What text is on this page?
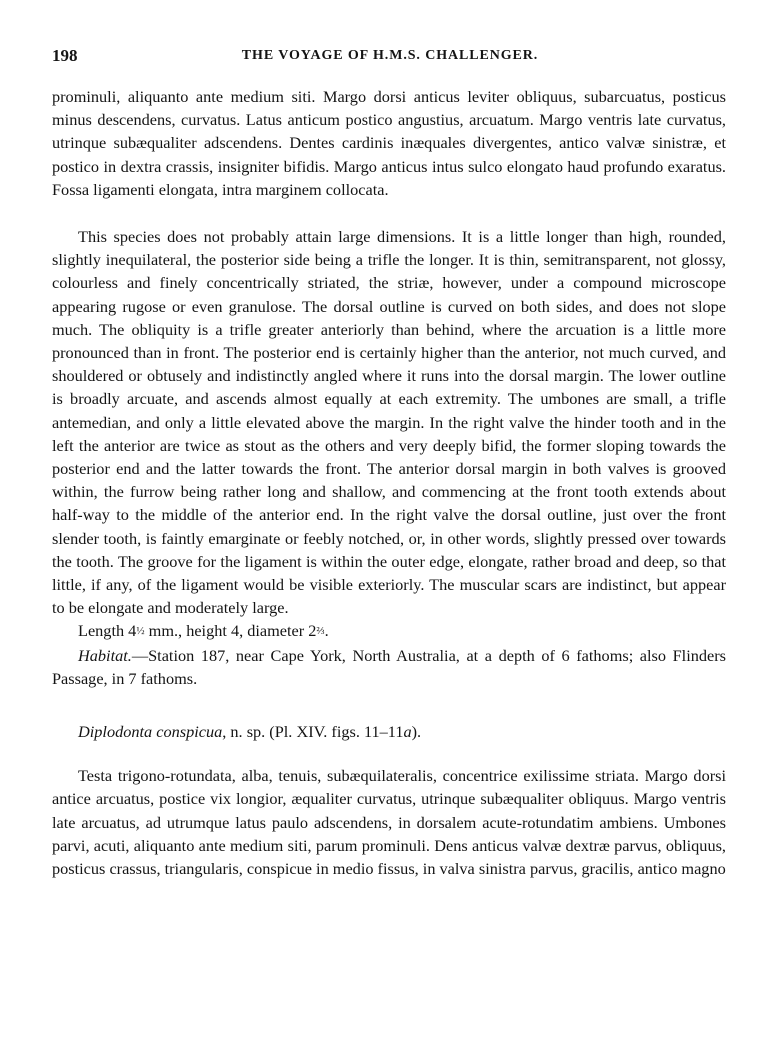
198	THE VOYAGE OF H.M.S. CHALLENGER.

prominuli, aliquanto ante medium siti. Margo dorsi anticus leviter obliquus, subarcuatus, posticus minus descendens, curvatus. Latus anticum postico angustius, arcuatum. Margo ventris late curvatus, utrinque subæqualiter adscendens. Dentes cardinis inæquales divergentes, antico valvæ sinistræ, et postico in dextra crassis, insigniter bifidis. Margo anticus intus sulco elongato haud profundo exaratus. Fossa ligamenti elongata, intra marginem collocata.

This species does not probably attain large dimensions. It is a little longer than high, rounded, slightly inequilateral, the posterior side being a trifle the longer. It is thin, semitransparent, not glossy, colourless and finely concentrically striated, the striæ, however, under a compound microscope appearing rugose or even granulose. The dorsal outline is curved on both sides, and does not slope much. The obliquity is a trifle greater anteriorly than behind, where the arcuation is a little more pronounced than in front. The posterior end is certainly higher than the anterior, not much curved, and shouldered or obtusely and indistinctly angled where it runs into the dorsal margin. The lower outline is broadly arcuate, and ascends almost equally at each extremity. The umbones are small, a trifle antemedian, and only a little elevated above the margin. In the right valve the hinder tooth and in the left the anterior are twice as stout as the others and very deeply bifid, the former sloping towards the posterior end and the latter towards the front. The anterior dorsal margin in both valves is grooved within, the furrow being rather long and shallow, and commencing at the front tooth extends about half-way to the middle of the anterior end. In the right valve the dorsal outline, just over the front slender tooth, is faintly emarginate or feebly notched, or, in other words, slightly pressed over towards the tooth. The groove for the ligament is within the outer edge, elongate, rather broad and deep, so that little, if any, of the ligament would be visible exteriorly. The muscular scars are indistinct, but appear to be elongate and moderately large.

Length 4½ mm., height 4, diameter 2⅔.

Habitat.—Station 187, near Cape York, North Australia, at a depth of 6 fathoms; also Flinders Passage, in 7 fathoms.

Diplodonta conspicua, n. sp. (Pl. XIV. figs. 11–11a).

Testa trigono-rotundata, alba, tenuis, subæquilateralis, concentrice exilissime striata. Margo dorsi antice arcuatus, postice vix longior, æqualiter curvatus, utrinque subæqualiter obliquus. Margo ventris late arcuatus, ad utrumque latus paulo adscendens, in dorsalem acute-rotundatim ambiens. Umbones parvi, acuti, aliquanto ante medium siti, parum prominuli. Dens anticus valvæ dextræ parvus, obliquus, posticus crassus, triangularis, conspicue in medio fissus, in valva sinistra parvus, gracilis, antico magno
